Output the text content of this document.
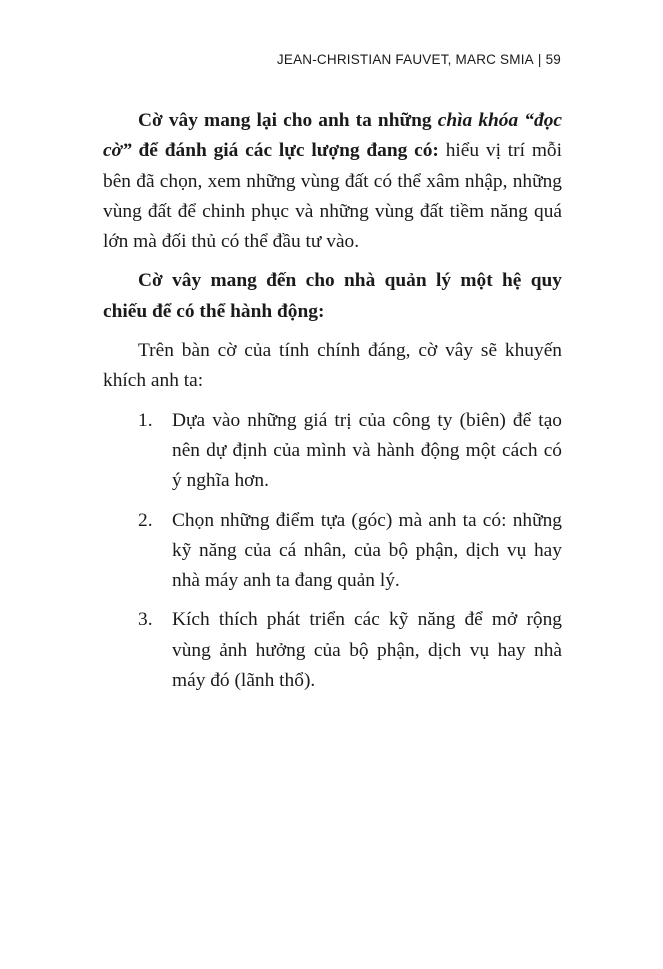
JEAN-CHRISTIAN FAUVET, MARC SMIA | 59

Cờ vây mang lại cho anh ta những chìa khóa “đọc cờ” để đánh giá các lực lượng đang có: hiểu vị trí mỗi bên đã chọn, xem những vùng đất có thể xâm nhập, những vùng đất để chinh phục và những vùng đất tiềm năng quá lớn mà đối thủ có thể đầu tư vào.

Cờ vây mang đến cho nhà quản lý một hệ quy chiếu để có thể hành động:

Trên bàn cờ của tính chính đáng, cờ vây sẽ khuyến khích anh ta:

1. Dựa vào những giá trị của công ty (biên) để tạo nên dự định của mình và hành động một cách có ý nghĩa hơn.
2. Chọn những điểm tựa (góc) mà anh ta có: những kỹ năng của cá nhân, của bộ phận, dịch vụ hay nhà máy anh ta đang quản lý.
3. Kích thích phát triển các kỹ năng để mở rộng vùng ảnh hưởng của bộ phận, dịch vụ hay nhà máy đó (lãnh thổ).
